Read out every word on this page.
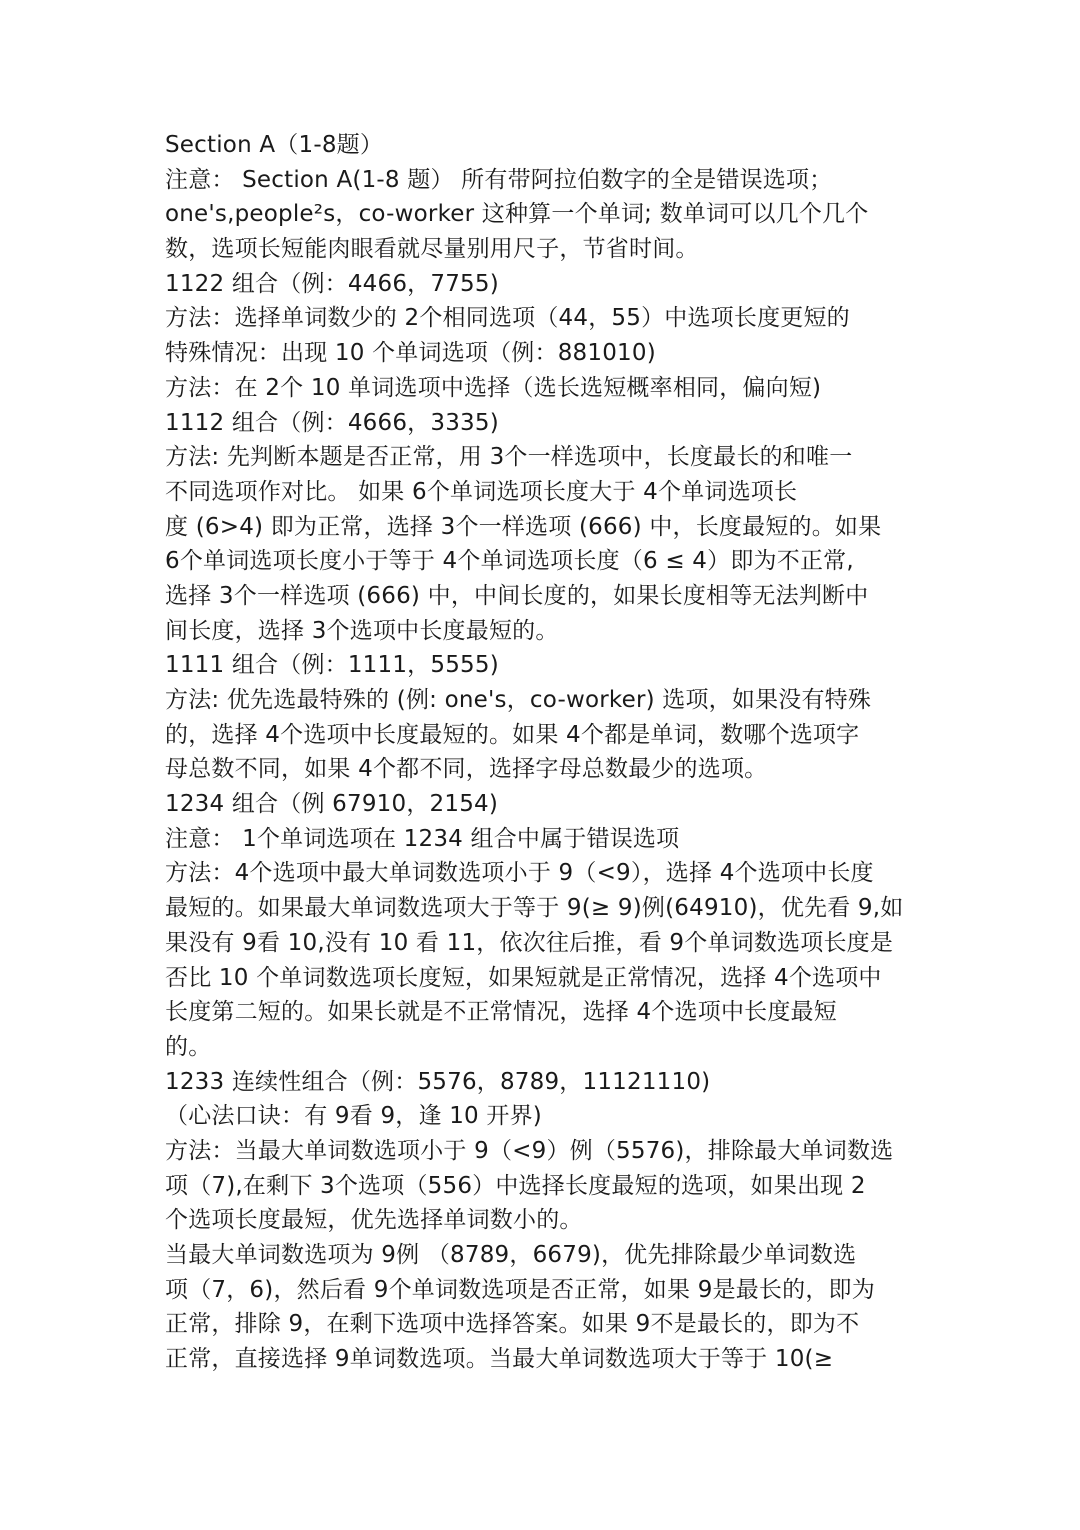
Section A（1-8题）
注意： Section A(1-8 题） 所有带阿拉伯数字的全是错误选项；
one's,people²s，co-worker 这种算一个单词; 数单词可以几个几个
数，选项长短能肉眼看就尽量别用尺子，节省时间。
1122 组合（例：4466，7755)
方法：选择单词数少的 2个相同选项（44，55）中选项长度更短的
特殊情况：出现 10 个单词选项（例：881010)
方法：在 2个 10 单词选项中选择（选长选短概率相同，偏向短)
1112 组合（例：4666，3335)
方法: 先判断本题是否正常，用 3个一样选项中，长度最长的和唯一
不同选项作对比。 如果 6个单词选项长度大于 4个单词选项长
度 (6>4) 即为正常，选择 3个一样选项 (666) 中，长度最短的。如果
6个单词选项长度小于等于 4个单词选项长度（6 ≤ 4）即为不正常,
选择 3个一样选项 (666) 中，中间长度的，如果长度相等无法判断中
间长度，选择 3个选项中长度最短的。
1111 组合（例：1111，5555)
方法: 优先选最特殊的 (例: one's，co-worker) 选项，如果没有特殊
的，选择 4个选项中长度最短的。如果 4个都是单词，数哪个选项字
母总数不同，如果 4个都不同，选择字母总数最少的选项。
1234 组合（例 67910，2154)
注意： 1个单词选项在 1234 组合中属于错误选项
方法：4个选项中最大单词数选项小于 9（<9），选择 4个选项中长度
最短的。如果最大单词数选项大于等于 9(≥ 9)例(64910)，优先看 9,如
果没有 9看 10,没有 10 看 11，依次往后推，看 9个单词数选项长度是
否比 10 个单词数选项长度短，如果短就是正常情况，选择 4个选项中
长度第二短的。如果长就是不正常情况，选择 4个选项中长度最短
的。
1233 连续性组合（例：5576，8789，11121110)
（心法口诀：有 9看 9，逢 10 开界)
方法：当最大单词数选项小于 9（<9）例（5576)，排除最大单词数选
项（7),在剩下 3个选项（556）中选择长度最短的选项，如果出现 2
个选项长度最短，优先选择单词数小的。
当最大单词数选项为 9例 （8789，6679)，优先排除最少单词数选
项（7，6)，然后看 9个单词数选项是否正常，如果 9是最长的，即为
正常，排除 9，在剩下选项中选择答案。如果 9不是最长的，即为不
正常，直接选择 9单词数选项。当最大单词数选项大于等于 10(≥
